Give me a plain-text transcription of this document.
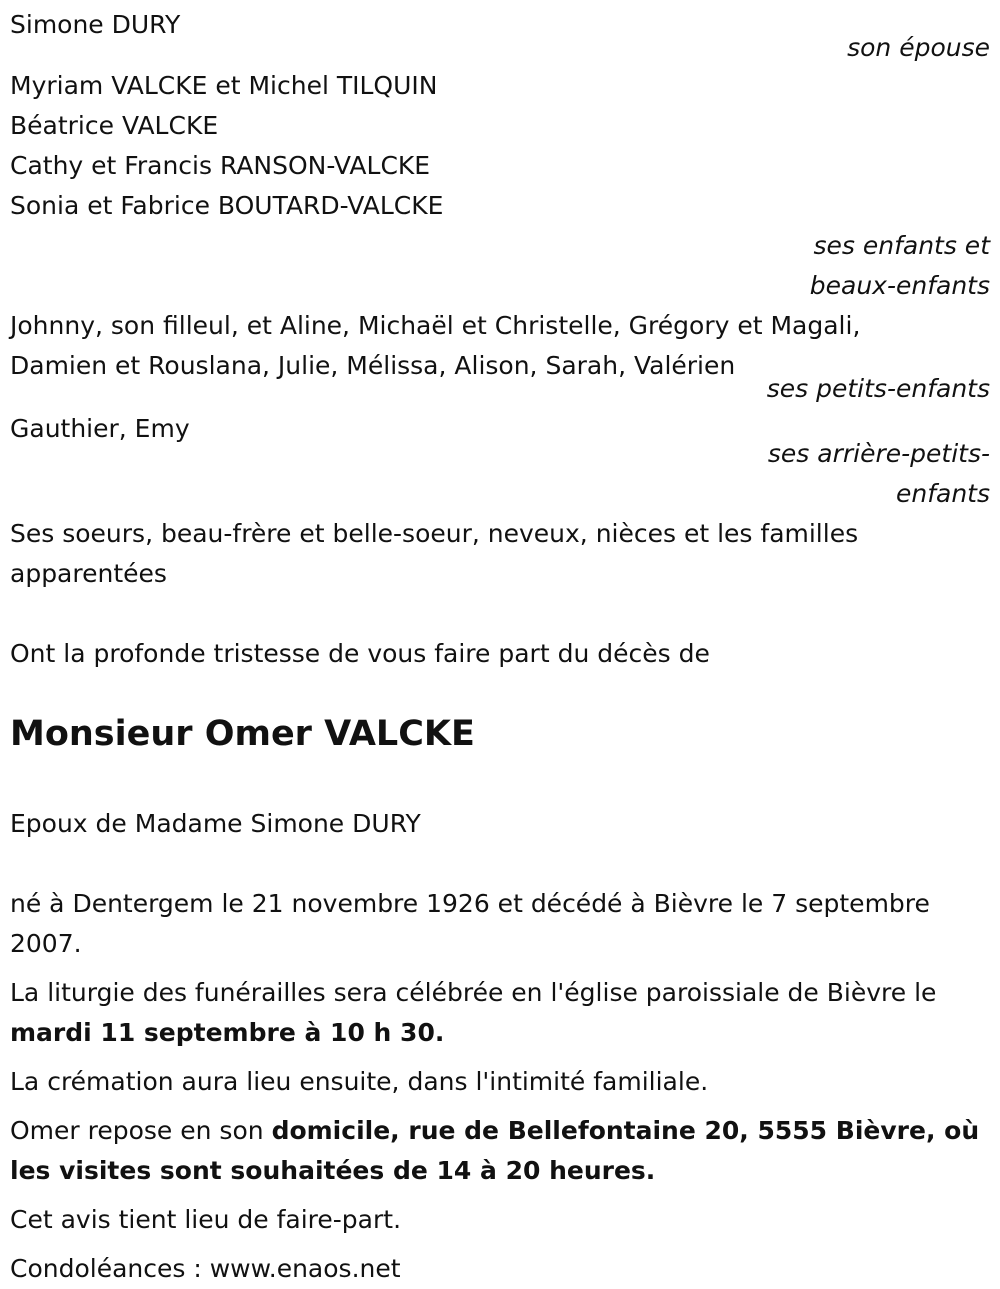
Simone DURY
son épouse
Myriam VALCKE et Michel TILQUIN
Béatrice VALCKE
Cathy et Francis RANSON-VALCKE
Sonia et Fabrice BOUTARD-VALCKE
ses enfants et
beaux-enfants
Johnny, son filleul, et Aline, Michaël et Christelle, Grégory et Magali,
Damien et Rouslana, Julie, Mélissa, Alison, Sarah, Valérien
ses petits-enfants
Gauthier, Emy
ses arrière-petits-
enfants
Ses soeurs, beau-frère et belle-soeur, neveux, nièces et les familles
apparentées
Ont la profonde tristesse de vous faire part du décès de
Monsieur Omer VALCKE
Epoux de Madame Simone DURY
né à Dentergem le 21 novembre 1926 et décédé à Bièvre le 7 septembre
2007.
La liturgie des funérailles sera célébrée en l'église paroissiale de Bièvre le
mardi 11 septembre à 10 h 30.
La crémation aura lieu ensuite, dans l'intimité familiale.
Omer repose en son domicile, rue de Bellefontaine 20, 5555 Bièvre, où
les visites sont souhaitées de 14 à 20 heures.
Cet avis tient lieu de faire-part.
Condoléances : www.enaos.net
